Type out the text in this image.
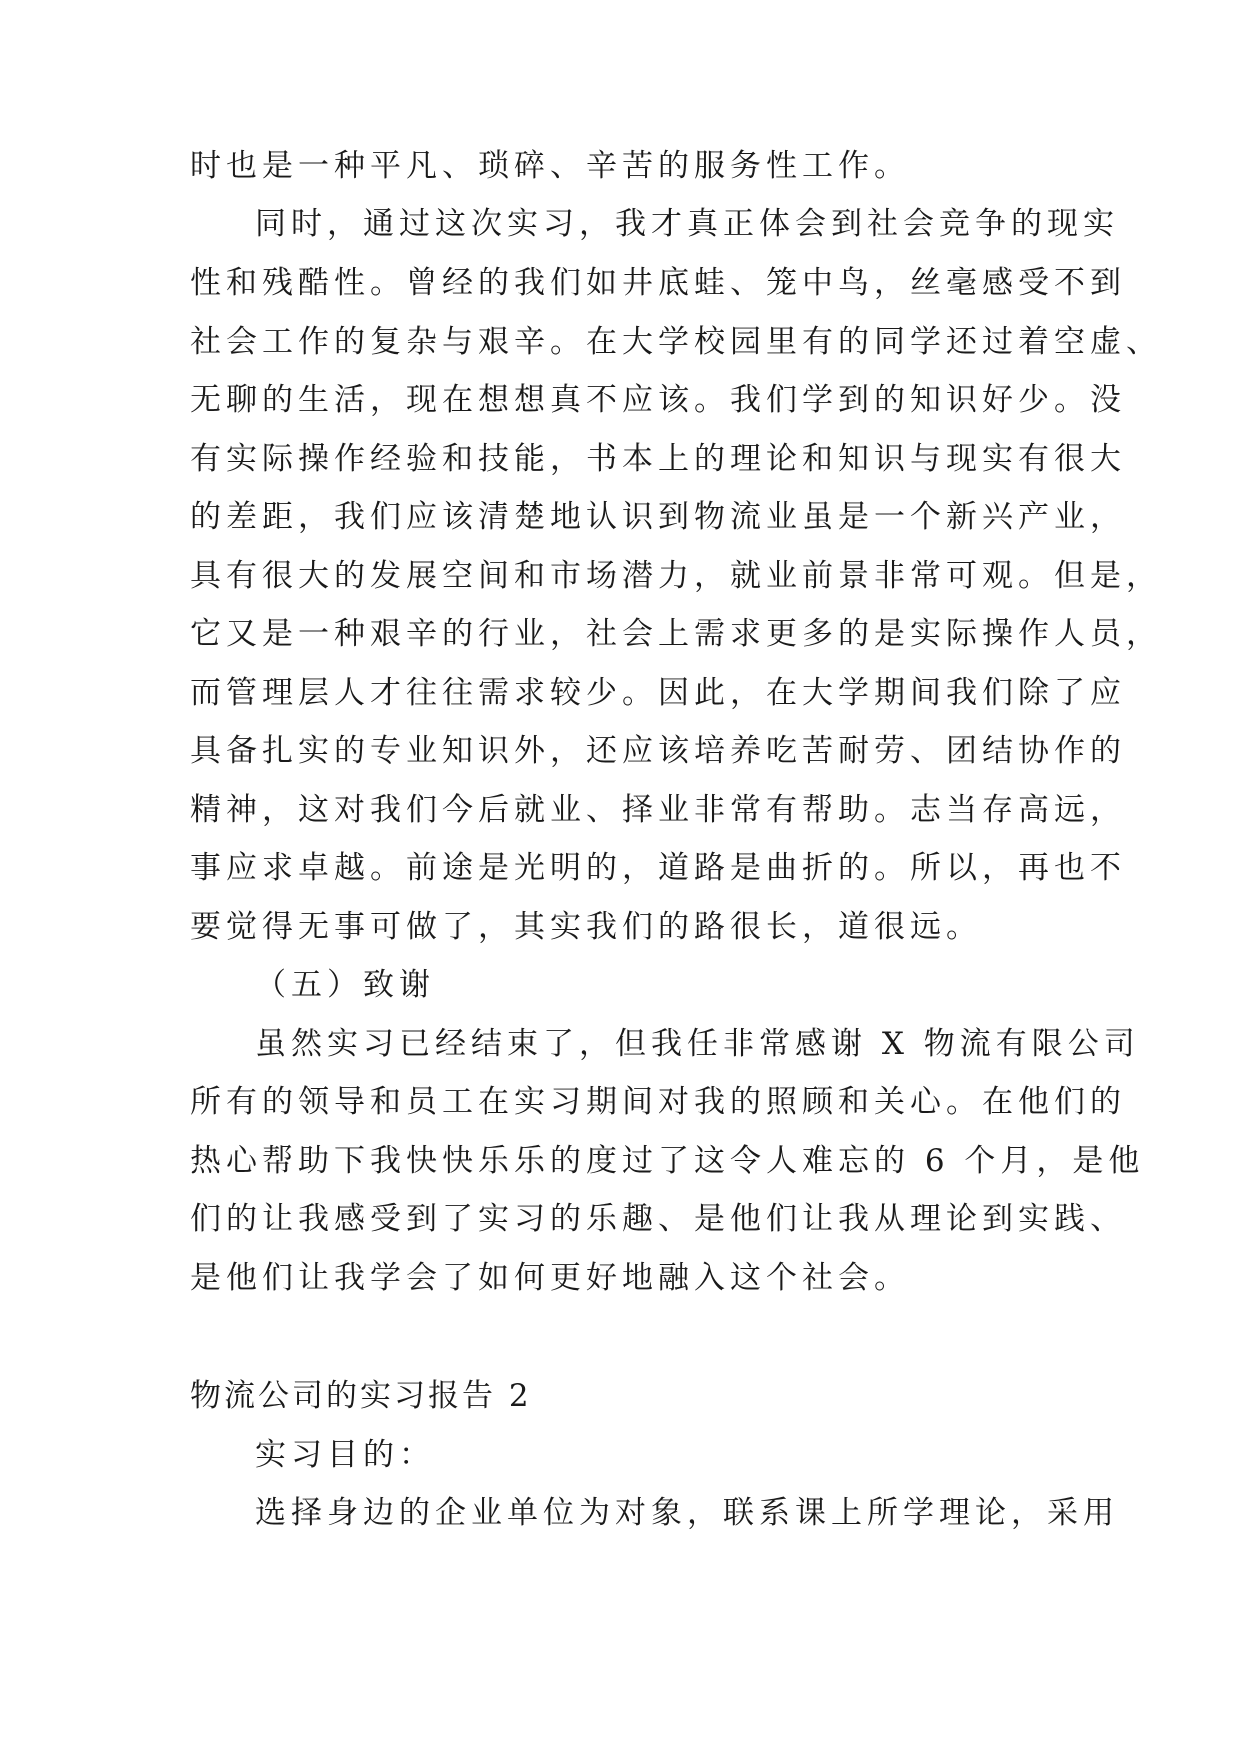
时也是一种平凡、琐碎、辛苦的服务性工作。
同时，通过这次实习，我才真正体会到社会竞争的现实
性和残酷性。曾经的我们如井底蛙、笼中鸟，丝毫感受不到
社会工作的复杂与艰辛。在大学校园里有的同学还过着空虚、
无聊的生活，现在想想真不应该。我们学到的知识好少。没
有实际操作经验和技能，书本上的理论和知识与现实有很大
的差距，我们应该清楚地认识到物流业虽是一个新兴产业，
具有很大的发展空间和市场潜力，就业前景非常可观。但是，
它又是一种艰辛的行业，社会上需求更多的是实际操作人员，
而管理层人才往往需求较少。因此，在大学期间我们除了应
具备扎实的专业知识外，还应该培养吃苦耐劳、团结协作的
精神，这对我们今后就业、择业非常有帮助。志当存高远，
事应求卓越。前途是光明的，道路是曲折的。所以，再也不
要觉得无事可做了，其实我们的路很长，道很远。
（五）致谢
虽然实习已经结束了，但我任非常感谢 X 物流有限公司
所有的领导和员工在实习期间对我的照顾和关心。在他们的
热心帮助下我快快乐乐的度过了这令人难忘的 6 个月，是他
们的让我感受到了实习的乐趣、是他们让我从理论到实践、
是他们让我学会了如何更好地融入这个社会。
物流公司的实习报告 2
实习目的：
选择身边的企业单位为对象，联系课上所学理论，采用
